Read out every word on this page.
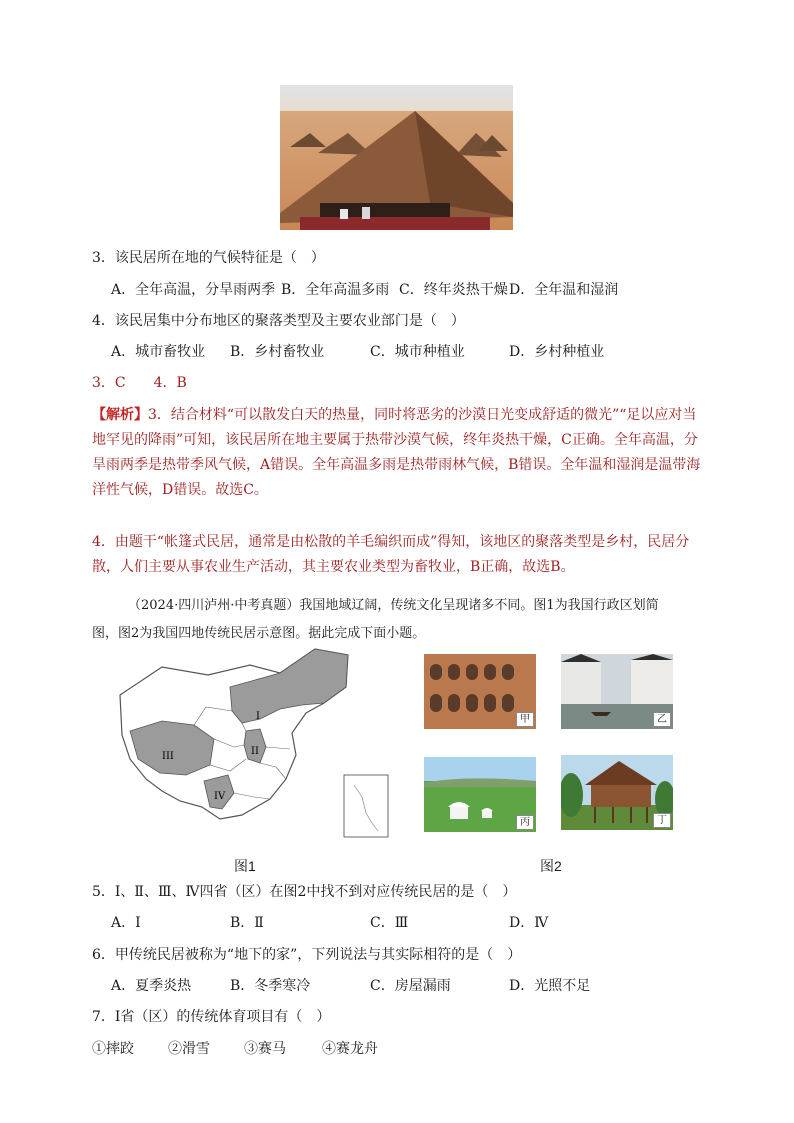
3．该民居所在地的气候特征是（　）
A．全年高温，分旱雨两季 B．全年高温多雨 C．终年炎热干燥 D．全年温和湿润
4．该民居集中分布地区的聚落类型及主要农业部门是（　）
A．城市畜牧业 B．乡村畜牧业	C．城市种植业	D．乡村种植业
3．C　　4．B
【解析】3．结合材料“可以散发白天的热量，同时将恶劣的沙漠日光变成舒适的微光”“足以应对当地罕见的降雨”可知，该民居所在地主要属于热带沙漠气候，终年炎热干燥，C正确。全年高温，分旱雨两季是热带季风气候，A错误。全年高温多雨是热带雨林气候，B错误。全年温和湿润是温带海洋性气候，D错误。故选C。
4．由题干“帐篷式民居，通常是由松散的羊毛编织而成”得知，该地区的聚落类型是乡村，民居分散，人们主要从事农业生产活动，其主要农业类型为畜牧业，B正确，故选B。
（2024·四川泸州·中考真题）我国地域辽阔，传统文化呈现诸多不同。图1为我国行政区划简
图，图2为我国四地传统民居示意图。据此完成下面小题。
I
II
III
IV
图1
甲	乙
丙	丁
图2
5．Ⅰ、Ⅱ、Ⅲ、Ⅳ四省（区）在图2中找不到对应传统民居的是（　）
A．Ⅰ	B．Ⅱ	C．Ⅲ	D．Ⅳ
6．甲传统民居被称为“地下的家”，下列说法与其实际相符的是（　）
A．夏季炎热	B．冬季寒冷	C．房屋漏雨	D．光照不足
7．Ⅰ省（区）的传统体育项目有（　）
①摔跤 ②滑雪 ③赛马	④赛龙舟
